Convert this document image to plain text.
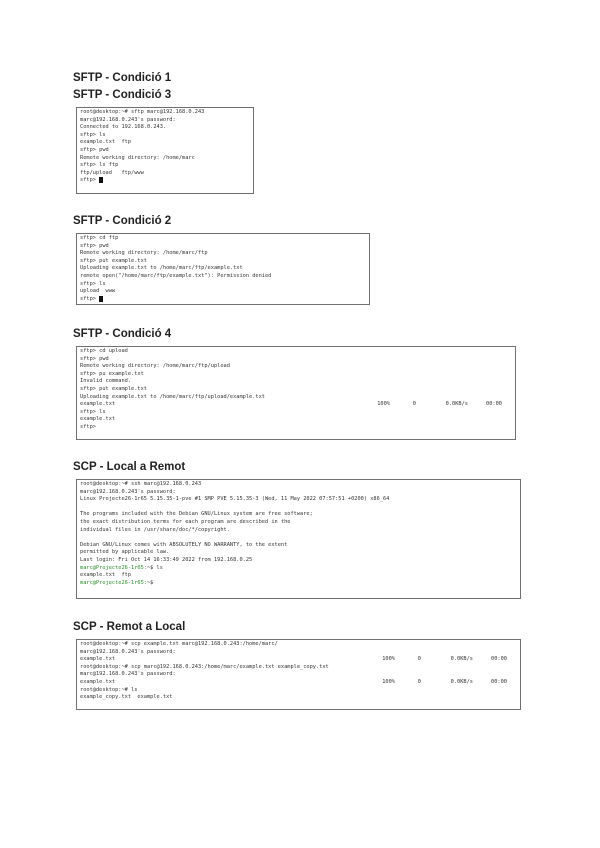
SFTP - Condició 1
SFTP - Condició 3
root@desktop:~# sftp marc@192.168.0.243
marc@192.168.0.243's password:
Connected to 192.168.0.243.
sftp> ls
example.txt  ftp
sftp> pwd
Remote working directory: /home/marc
sftp> ls ftp
ftp/upload   ftp/www
sftp>
SFTP - Condició 2
sftp> cd ftp
sftp> pwd
Remote working directory: /home/marc/ftp
sftp> put example.txt
Uploading example.txt to /home/marc/ftp/example.txt
remote open("/home/marc/ftp/example.txt"): Permission denied
sftp> ls
upload  www
sftp>
SFTP - Condició 4
sftp> cd upload
sftp> pwd
Remote working directory: /home/marc/ftp/upload
sftp> pu example.txt
Invalid command.
sftp> put example.txt
Uploading example.txt to /home/marc/ftp/upload/example.txt
example.txt	100%	0	0.0KB/s	00:00
sftp> ls
example.txt
sftp>
SCP - Local a Remot
root@desktop:~# ssh marc@192.168.0.243
marc@192.168.0.243's password:
Linux Projecte26-1r65 5.15.35-1-pve #1 SMP PVE 5.15.35-3 (Wed, 11 May 2022 07:57:51 +0200) x86_64
The programs included with the Debian GNU/Linux system are free software;
the exact distribution terms for each program are described in the
individual files in /usr/share/doc/*/copyright.
Debian GNU/Linux comes with ABSOLUTELY NO WARRANTY, to the extent
permitted by applicable law.
Last login: Fri Oct 14 16:33:49 2022 from 192.168.0.25
marc@Projecte26-1r65: ~$ ls
example.txt  ftp
marc@Projecte26-1r65: ~$
SCP - Remot a Local
root@desktop:~# scp example.txt marc@192.168.0.243:/home/marc/
marc@192.168.0.243's password:
example.txt	100%	0	0.0KB/s	00:00
root@desktop:~# scp marc@192.168.0.243:/home/marc/example.txt example_copy.txt
marc@192.168.0.243's password:
example.txt	100%	0	0.0KB/s	00:00
root@desktop:~# ls
example_copy.txt  example.txt
